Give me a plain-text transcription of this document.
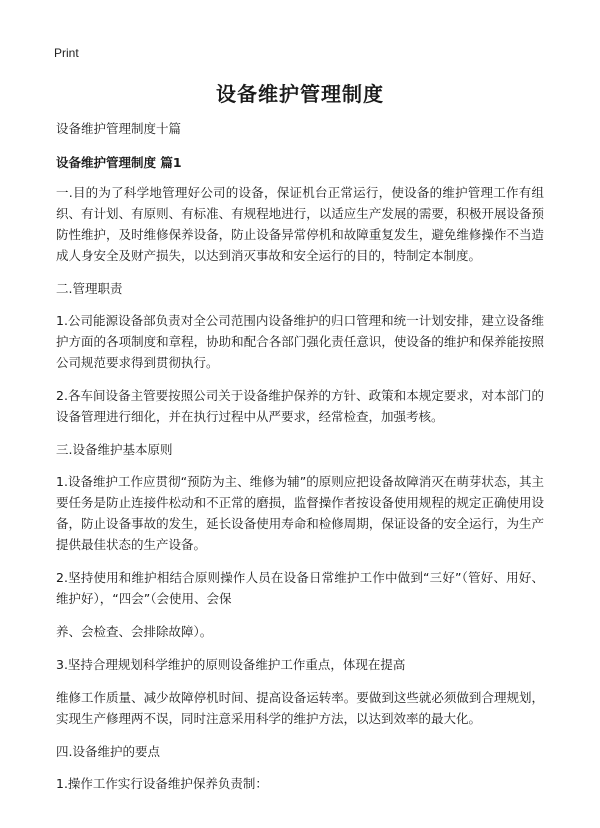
Print
设备维护管理制度

设备维护管理制度十篇

设备维护管理制度 篇1

一.目的为了科学地管理好公司的设备，保证机台正常运行，使设备的维护管理工作有组织、有计划、有原则、有标准、有规程地进行，以适应生产发展的需要，积极开展设备预防性维护，及时维修保养设备，防止设备异常停机和故障重复发生，避免维修操作不当造成人身安全及财产损失，以达到消灭事故和安全运行的目的，特制定本制度。

二.管理职责

1.公司能源设备部负责对全公司范围内设备维护的归口管理和统一计划安排，建立设备维护方面的各项制度和章程，协助和配合各部门强化责任意识，使设备的维护和保养能按照公司规范要求得到贯彻执行。

2.各车间设备主管要按照公司关于设备维护保养的方针、政策和本规定要求，对本部门的设备管理进行细化，并在执行过程中从严要求，经常检查，加强考核。

三.设备维护基本原则

1.设备维护工作应贯彻“预防为主、维修为辅”的原则应把设备故障消灭在萌芽状态，其主要任务是防止连接件松动和不正常的磨损，监督操作者按设备使用规程的规定正确使用设备，防止设备事故的发生，延长设备使用寿命和检修周期，保证设备的安全运行，为生产提供最佳状态的生产设备。

2.坚持使用和维护相结合原则操作人员在设备日常维护工作中做到“三好”（管好、用好、维护好），“四会”（会使用、会保

养、会检查、会排除故障）。

3.坚持合理规划科学维护的原则设备维护工作重点，体现在提高

维修工作质量、减少故障停机时间、提高设备运转率。要做到这些就必须做到合理规划，实现生产修理两不误，同时注意采用科学的维护方法，以达到效率的最大化。

四.设备维护的要点

1.操作工作实行设备维护保养负责制：
